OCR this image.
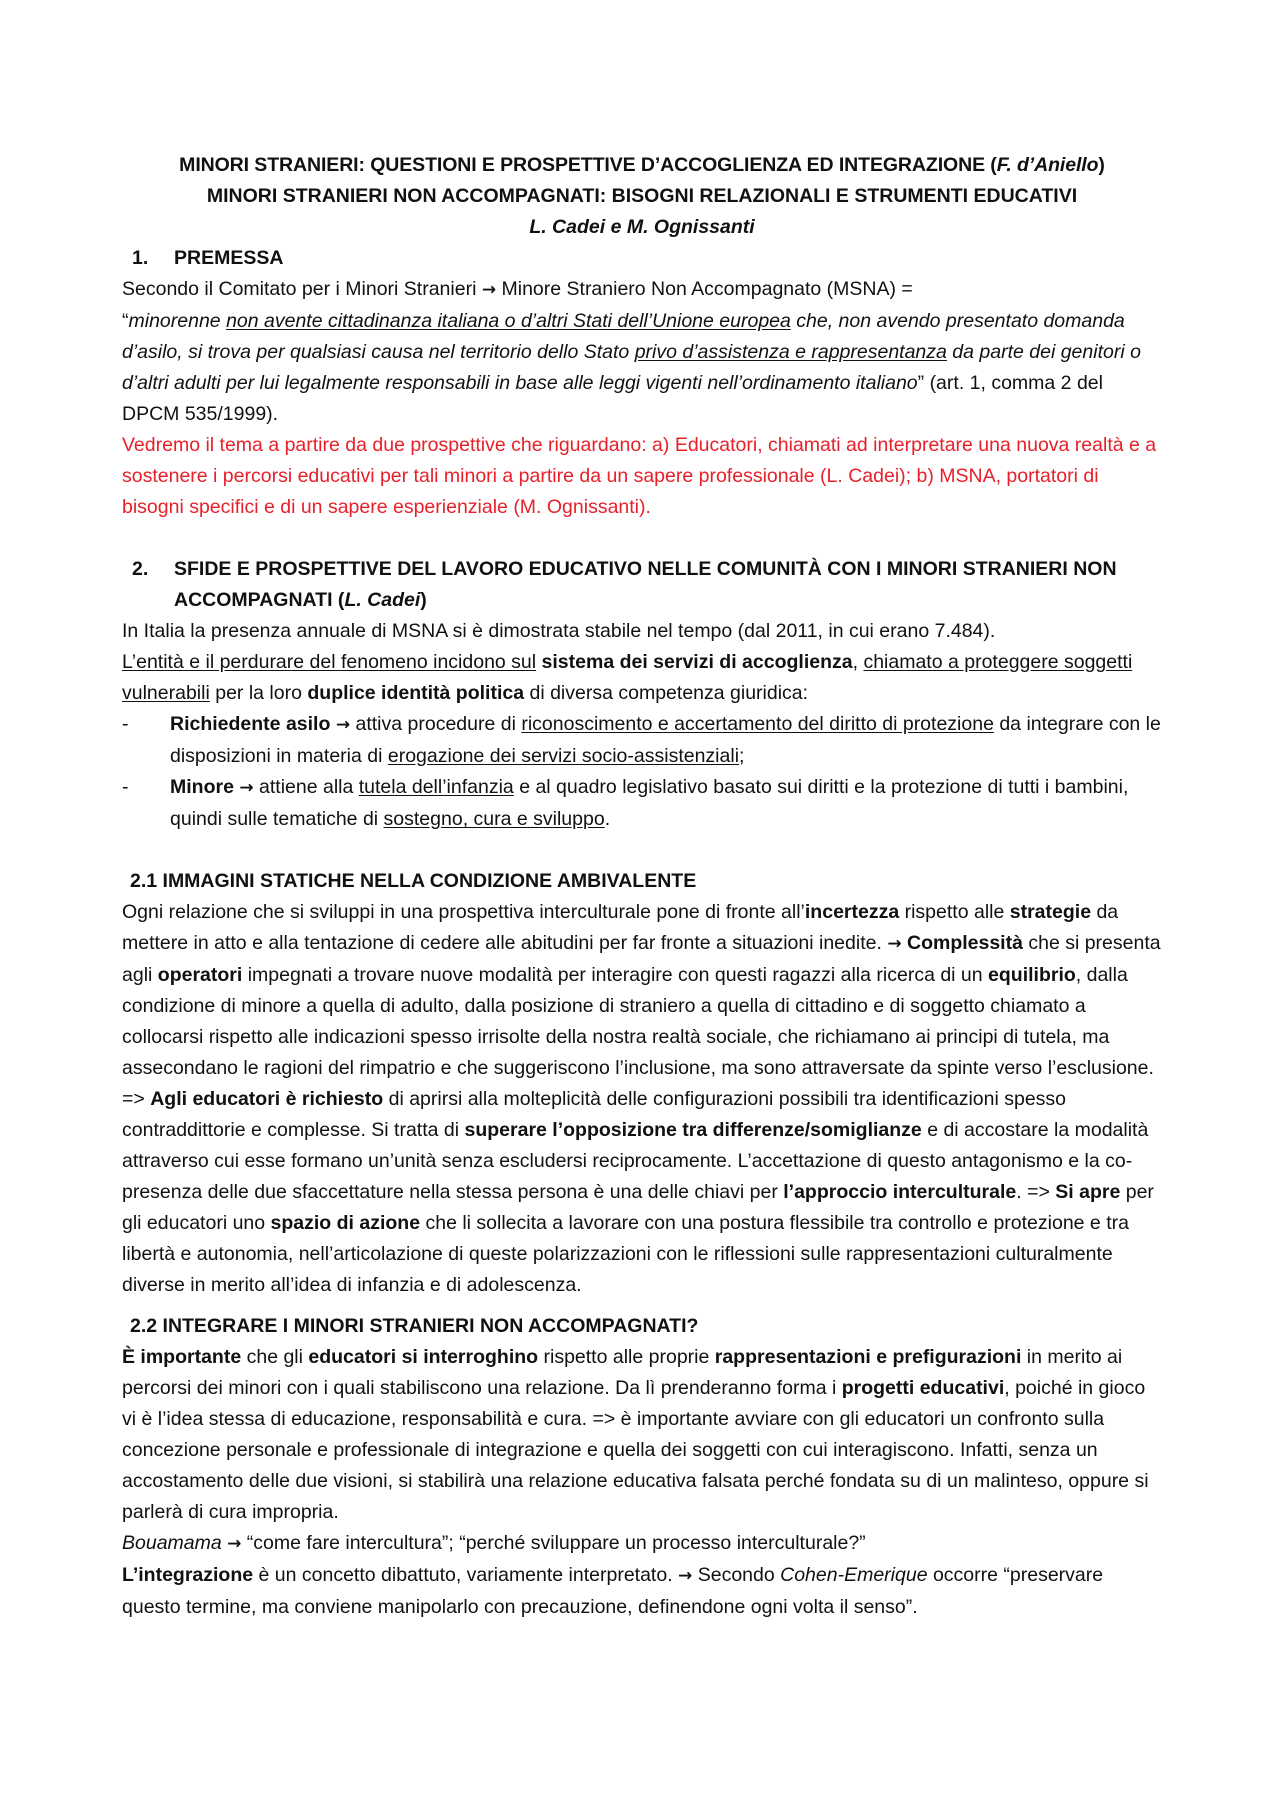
MINORI STRANIERI: QUESTIONI E PROSPETTIVE D’ACCOGLIENZA ED INTEGRAZIONE (F. d’Aniello)

MINORI STRANIERI NON ACCOMPAGNATI: BISOGNI RELAZIONALI E STRUMENTI EDUCATIVI

L. Cadei e M. Ognissanti

1.	PREMESSA

Secondo il Comitato per i Minori Stranieri → Minore Straniero Non Accompagnato (MSNA) =
“minorenne non avente cittadinanza italiana o d’altri Stati dell’Unione europea che, non avendo presentato domanda d’asilo, si trova per qualsiasi causa nel territorio dello Stato privo d’assistenza e rappresentanza da parte dei genitori o d’altri adulti per lui legalmente responsabili in base alle leggi vigenti nell’ordinamento italiano” (art. 1, comma 2 del DPCM 535/1999).

Vedremo il tema a partire da due prospettive che riguardano: a) Educatori, chiamati ad interpretare una nuova realtà e a sostenere i percorsi educativi per tali minori a partire da un sapere professionale (L. Cadei); b) MSNA, portatori di bisogni specifici e di un sapere esperienziale (M. Ognissanti).

2.	SFIDE E PROSPETTIVE DEL LAVORO EDUCATIVO NELLE COMUNITÀ CON I MINORI STRANIERI NON ACCOMPAGNATI (L. Cadei)

In Italia la presenza annuale di MSNA si è dimostrata stabile nel tempo (dal 2011, in cui erano 7.484).

L’entità e il perdurare del fenomeno incidono sul sistema dei servizi di accoglienza, chiamato a proteggere soggetti vulnerabili per la loro duplice identità politica di diversa competenza giuridica:

-	Richiedente asilo → attiva procedure di riconoscimento e accertamento del diritto di protezione da integrare con le disposizioni in materia di erogazione dei servizi socio-assistenziali;
-	Minore → attiene alla tutela dell’infanzia e al quadro legislativo basato sui diritti e la protezione di tutti i bambini, quindi sulle tematiche di sostegno, cura e sviluppo.

2.1 IMMAGINI STATICHE NELLA CONDIZIONE AMBIVALENTE

Ogni relazione che si sviluppi in una prospettiva interculturale pone di fronte all’incertezza rispetto alle strategie da mettere in atto e alla tentazione di cedere alle abitudini per far fronte a situazioni inedite. → Complessità che si presenta agli operatori impegnati a trovare nuove modalità per interagire con questi ragazzi alla ricerca di un equilibrio, dalla condizione di minore a quella di adulto, dalla posizione di straniero a quella di cittadino e di soggetto chiamato a collocarsi rispetto alle indicazioni spesso irrisolte della nostra realtà sociale, che richiamano ai principi di tutela, ma assecondano le ragioni del rimpatrio e che suggeriscono l’inclusione, ma sono attraversate da spinte verso l’esclusione. => Agli educatori è richiesto di aprirsi alla molteplicità delle configurazioni possibili tra identificazioni spesso contraddittorie e complesse. Si tratta di superare l’opposizione tra differenze/somiglianze e di accostare la modalità attraverso cui esse formano un’unità senza escludersi reciprocamente. L’accettazione di questo antagonismo e la co-presenza delle due sfaccettature nella stessa persona è una delle chiavi per l’approccio interculturale. => Si apre per gli educatori uno spazio di azione che li sollecita a lavorare con una postura flessibile tra controllo e protezione e tra libertà e autonomia, nell’articolazione di queste polarizzazioni con le riflessioni sulle rappresentazioni culturalmente diverse in merito all’idea di infanzia e di adolescenza.

2.2 INTEGRARE I MINORI STRANIERI NON ACCOMPAGNATI?

È importante che gli educatori si interroghino rispetto alle proprie rappresentazioni e prefigurazioni in merito ai percorsi dei minori con i quali stabiliscono una relazione. Da lì prenderanno forma i progetti educativi, poiché in gioco vi è l’idea stessa di educazione, responsabilità e cura. => è importante avviare con gli educatori un confronto sulla concezione personale e professionale di integrazione e quella dei soggetti con cui interagiscono. Infatti, senza un accostamento delle due visioni, si stabilirà una relazione educativa falsata perché fondata su di un malinteso, oppure si parlerà di cura impropria.

Bouamama → “come fare intercultura”; “perché sviluppare un processo interculturale?”

L’integrazione è un concetto dibattuto, variamente interpretato. → Secondo Cohen-Emerique occorre “preservare questo termine, ma conviene manipolarlo con precauzione, definendone ogni volta il senso”.
